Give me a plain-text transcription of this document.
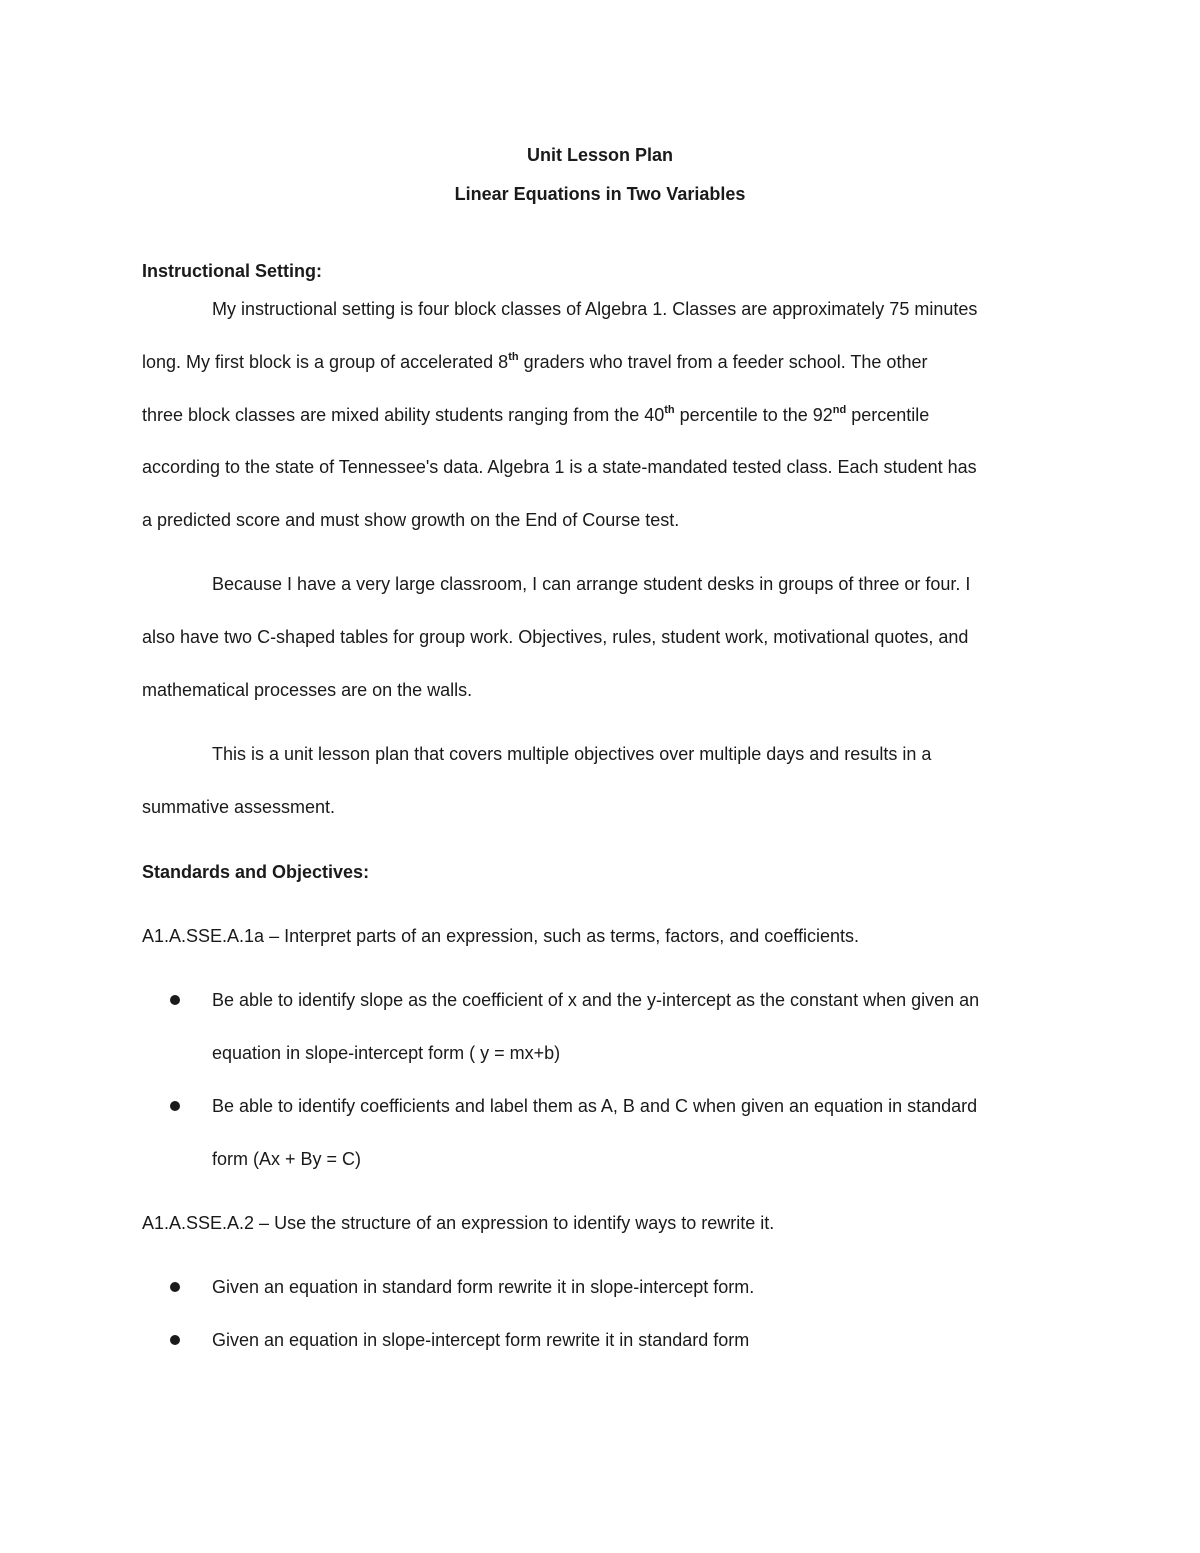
Unit Lesson Plan
Linear Equations in Two Variables
Instructional Setting:
My instructional setting is four block classes of Algebra 1. Classes are approximately 75 minutes
long. My first block is a group of accelerated 8th graders who travel from a feeder school. The other
three block classes are mixed ability students ranging from the 40th percentile to the 92nd percentile
according to the state of Tennessee's data. Algebra 1 is a state-mandated tested class. Each student has
a predicted score and must show growth on the End of Course test.
Because I have a very large classroom, I can arrange student desks in groups of three or four. I
also have two C-shaped tables for group work. Objectives, rules, student work, motivational quotes, and
mathematical processes are on the walls.
This is a unit lesson plan that covers multiple objectives over multiple days and results in a
summative assessment.
Standards and Objectives:
A1.A.SSE.A.1a – Interpret parts of an expression, such as terms, factors, and coefficients.
Be able to identify slope as the coefficient of x and the y-intercept as the constant when given an
equation in slope-intercept form ( y = mx+b)
Be able to identify coefficients and label them as A, B and C when given an equation in standard
form (Ax + By = C)
A1.A.SSE.A.2 – Use the structure of an expression to identify ways to rewrite it.
Given an equation in standard form rewrite it in slope-intercept form.
Given an equation in slope-intercept form rewrite it in standard form
